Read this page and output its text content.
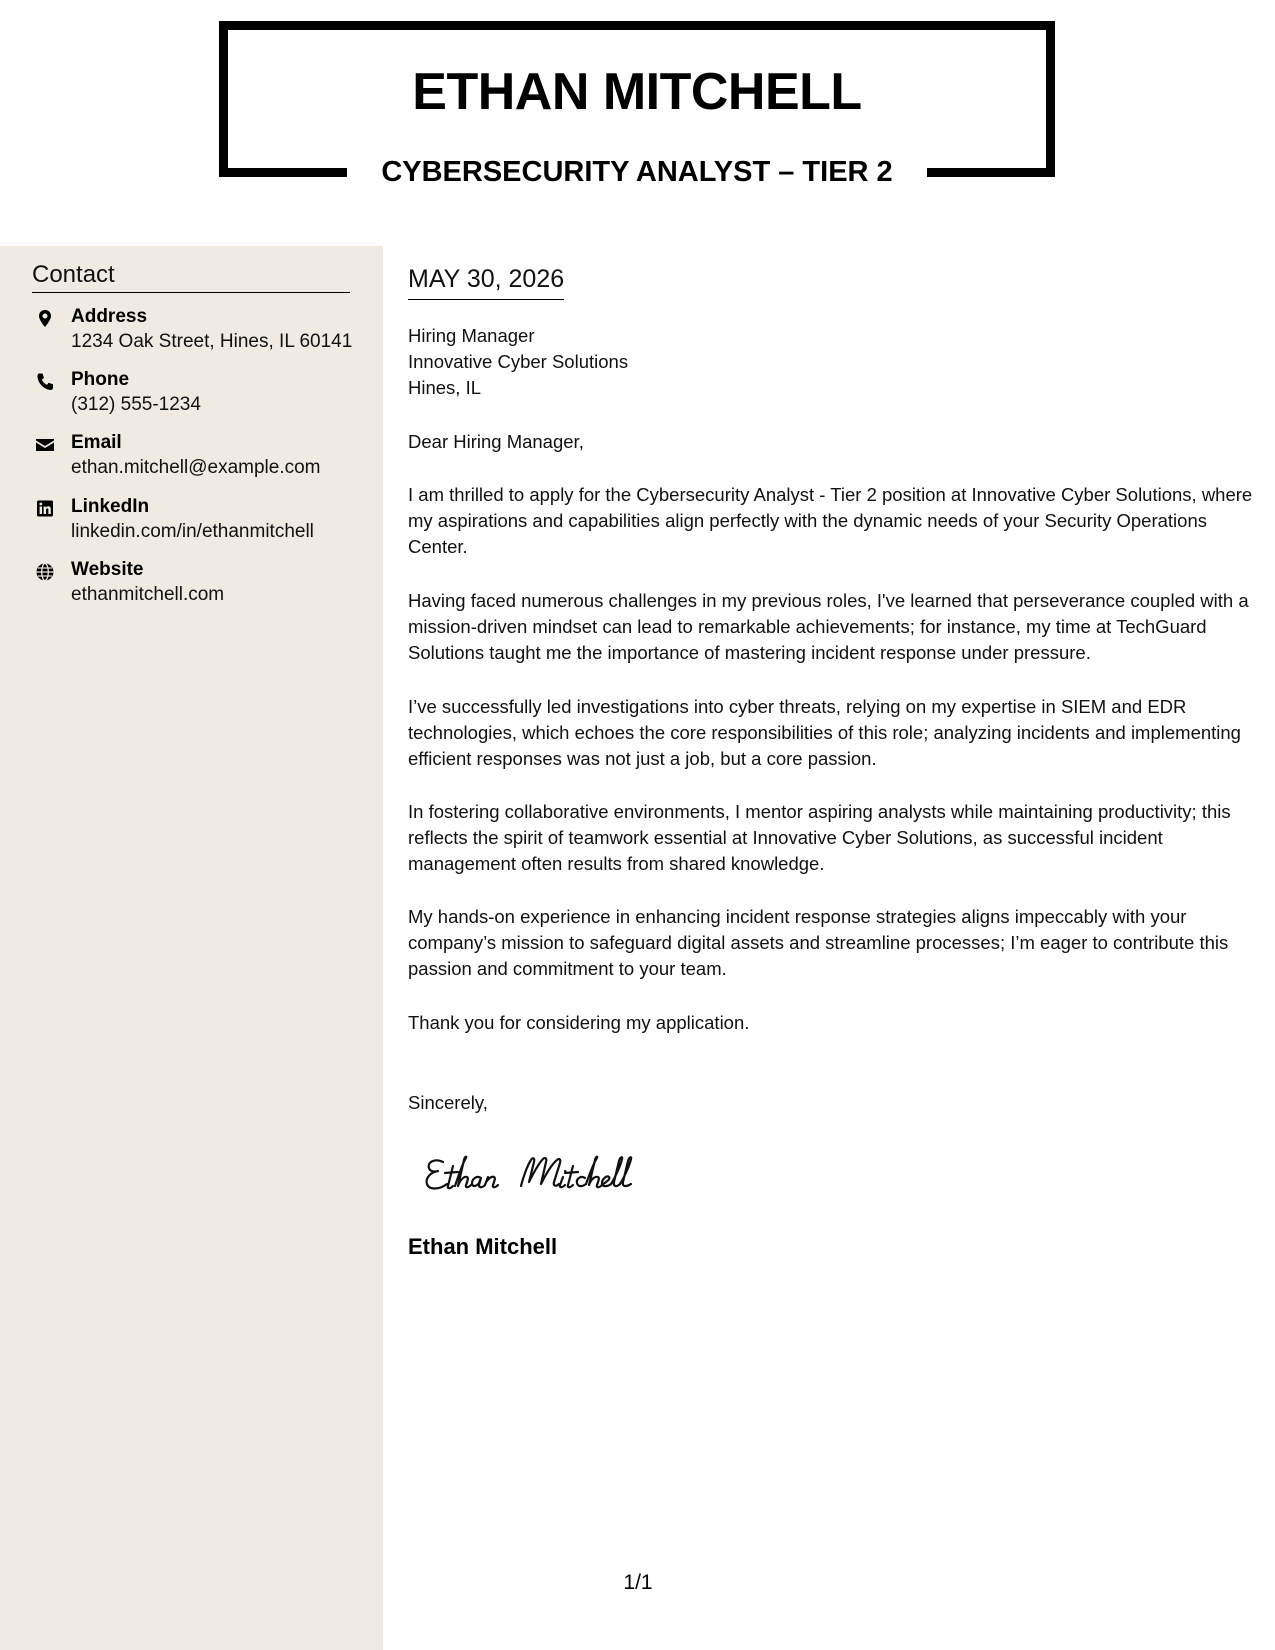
ETHAN MITCHELL
CYBERSECURITY ANALYST – TIER 2
Contact
Address
1234 Oak Street, Hines, IL 60141
Phone
(312) 555-1234
Email
ethan.mitchell@example.com
LinkedIn
linkedin.com/in/ethanmitchell
Website
ethanmitchell.com
MAY 30, 2026
Hiring Manager
Innovative Cyber Solutions
Hines, IL
Dear Hiring Manager,
I am thrilled to apply for the Cybersecurity Analyst - Tier 2 position at Innovative Cyber Solutions, where my aspirations and capabilities align perfectly with the dynamic needs of your Security Operations Center.
Having faced numerous challenges in my previous roles, I've learned that perseverance coupled with a mission-driven mindset can lead to remarkable achievements; for instance, my time at TechGuard Solutions taught me the importance of mastering incident response under pressure.
I’ve successfully led investigations into cyber threats, relying on my expertise in SIEM and EDR technologies, which echoes the core responsibilities of this role; analyzing incidents and implementing efficient responses was not just a job, but a core passion.
In fostering collaborative environments, I mentor aspiring analysts while maintaining productivity; this reflects the spirit of teamwork essential at Innovative Cyber Solutions, as successful incident management often results from shared knowledge.
My hands-on experience in enhancing incident response strategies aligns impeccably with your company’s mission to safeguard digital assets and streamline processes; I’m eager to contribute this passion and commitment to your team.
Thank you for considering my application.
Sincerely,
Ethan Mitchell
1/1
